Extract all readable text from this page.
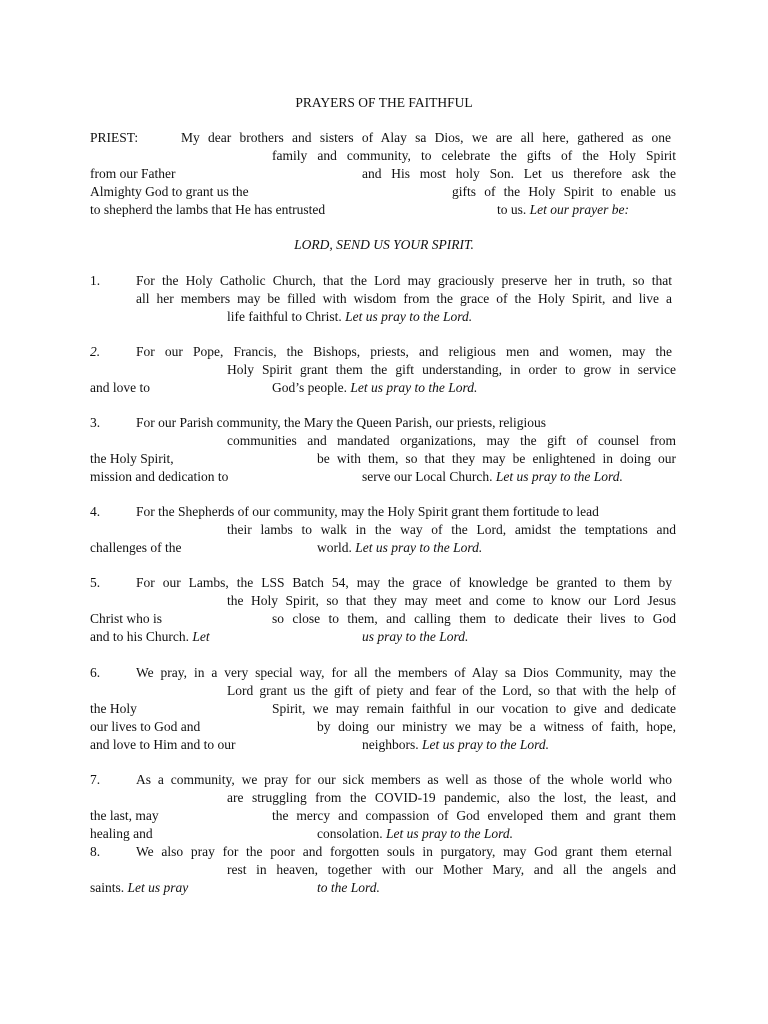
PRAYERS OF THE FAITHFUL
PRIEST:	My dear brothers and sisters of Alay sa Dios, we are all here, gathered as one
family and community, to celebrate the gifts of the Holy Spirit
from our Father	and His most holy Son. Let us therefore ask the
Almighty God to grant us the	gifts of the Holy Spirit to enable us
to shepherd the lambs that He has entrusted	to us. Let our prayer be:
LORD, SEND US YOUR SPIRIT.
1.	For the Holy Catholic Church, that the Lord may graciously preserve her in truth, so that
all her members may be filled with wisdom from the grace of the Holy Spirit, and live a
life faithful to Christ. Let us pray to the Lord.
2.	For our Pope, Francis, the Bishops, priests, and religious men and women, may the
Holy Spirit grant them the gift understanding, in order to grow in service
and love to	God’s people. Let us pray to the Lord.
3.	For our Parish community, the Mary the Queen Parish, our priests, religious
communities and mandated organizations, may the gift of counsel from
the Holy Spirit,	be with them, so that they may be enlightened in doing our
mission and dedication to	serve our Local Church. Let us pray to the Lord.
4.	For the Shepherds of our community, may the Holy Spirit grant them fortitude to lead
their lambs to walk in the way of the Lord, amidst the temptations and
challenges of the	world. Let us pray to the Lord.
5.	For our Lambs, the LSS Batch 54, may the grace of knowledge be granted to them by
the Holy Spirit, so that they may meet and come to know our Lord Jesus
Christ who is	so close to them, and calling them to dedicate their lives to God
and to his Church. Let	us pray to the Lord.
6.	We pray, in a very special way, for all the members of Alay sa Dios Community, may the
Lord grant us the gift of piety and fear of the Lord, so that with the help of
the Holy	Spirit, we may remain faithful in our vocation to give and dedicate
our lives to God and	by doing our ministry we may be a witness of faith, hope,
and love to Him and to our	neighbors. Let us pray to the Lord.
7.	As a community, we pray for our sick members as well as those of the whole world who
are struggling from the COVID-19 pandemic, also the lost, the least, and
the last, may	the mercy and compassion of God enveloped them and grant them
healing and	consolation. Let us pray to the Lord.
8.	We also pray for the poor and forgotten souls in purgatory, may God grant them eternal
rest in heaven, together with our Mother Mary, and all the angels and
saints. Let us pray	to the Lord.
